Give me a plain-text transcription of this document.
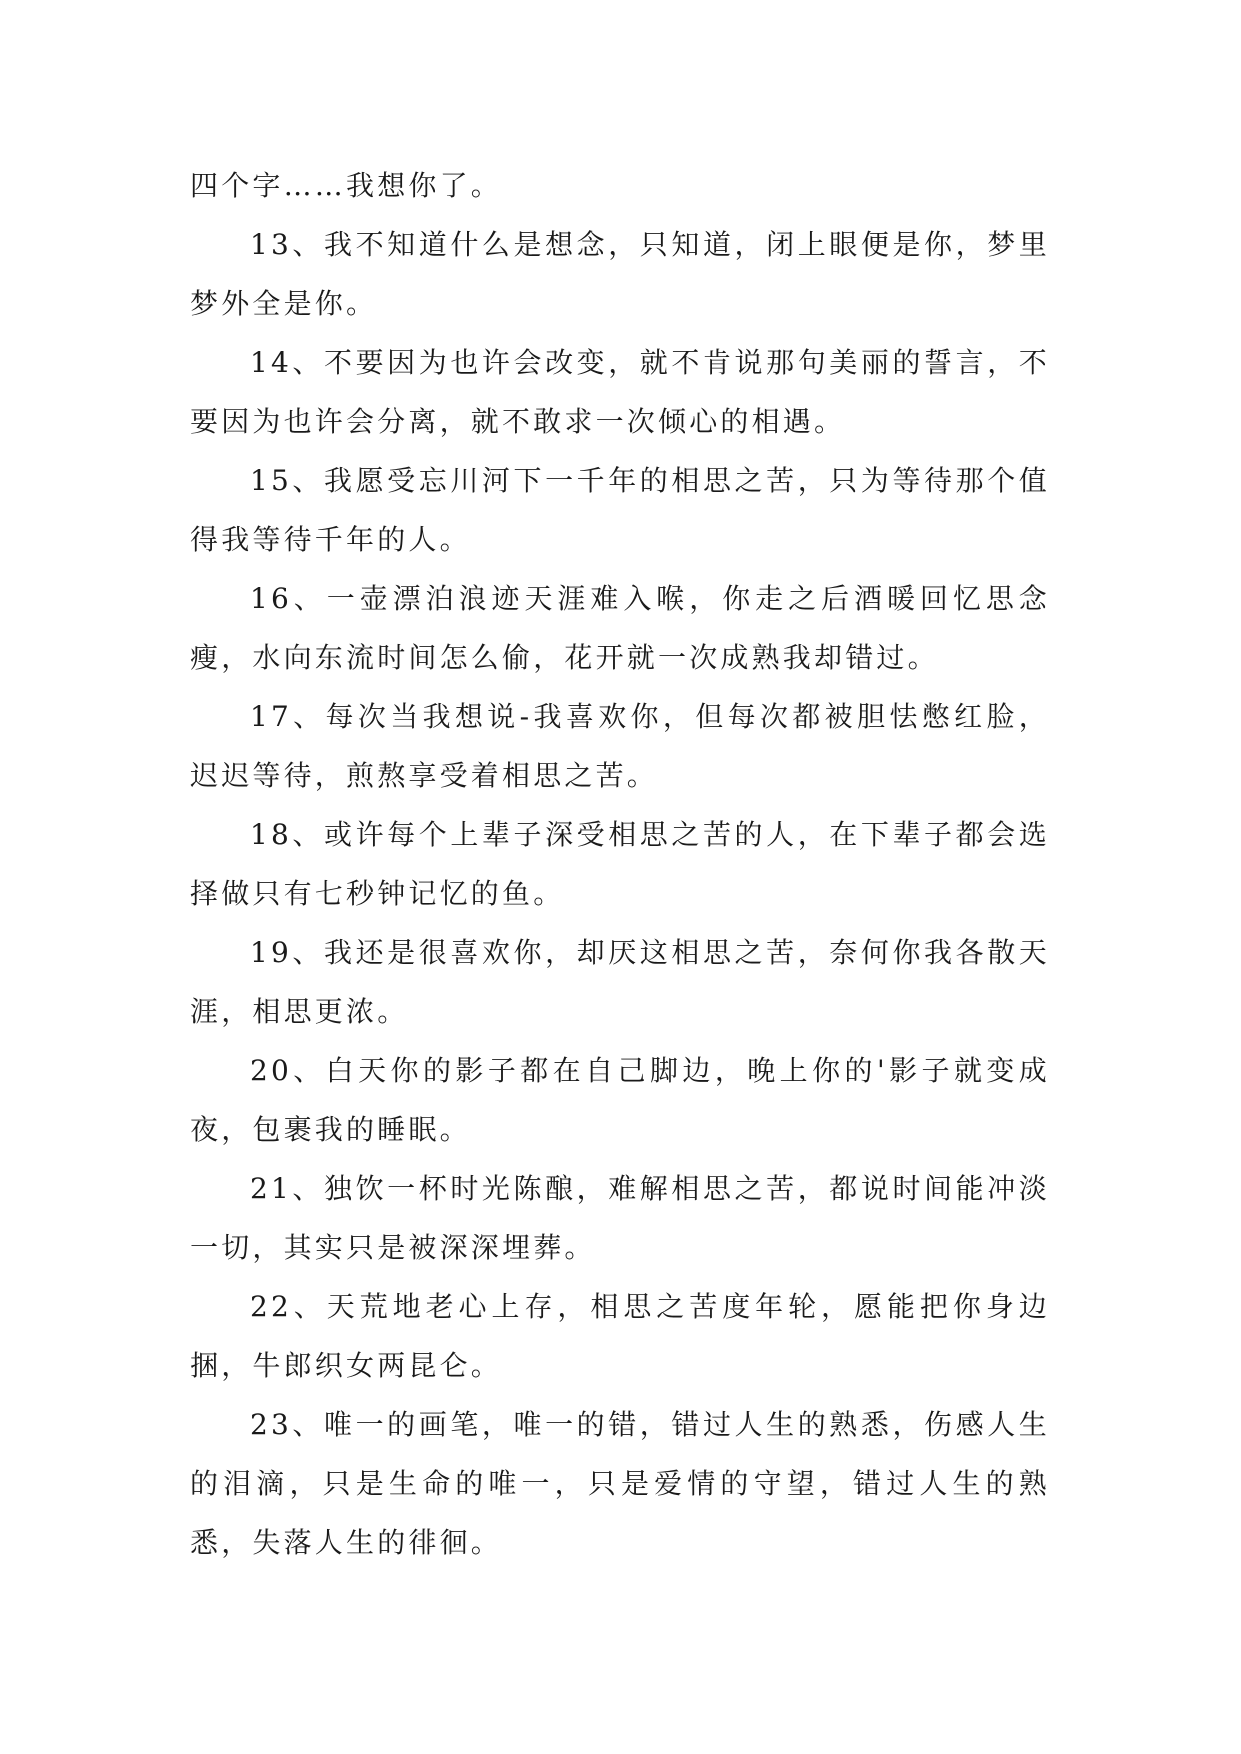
四个字……我想你了。

13、我不知道什么是想念，只知道，闭上眼便是你，梦里梦外全是你。

14、不要因为也许会改变，就不肯说那句美丽的誓言，不要因为也许会分离，就不敢求一次倾心的相遇。

15、我愿受忘川河下一千年的相思之苦，只为等待那个值得我等待千年的人。

16、一壶漂泊浪迹天涯难入喉，你走之后酒暖回忆思念瘦，水向东流时间怎么偷，花开就一次成熟我却错过。

17、每次当我想说-我喜欢你，但每次都被胆怯憋红脸，迟迟等待，煎熬享受着相思之苦。

18、或许每个上辈子深受相思之苦的人，在下辈子都会选择做只有七秒钟记忆的鱼。

19、我还是很喜欢你，却厌这相思之苦，奈何你我各散天涯，相思更浓。

20、白天你的影子都在自己脚边，晚上你的'影子就变成夜，包裹我的睡眠。

21、独饮一杯时光陈酿，难解相思之苦，都说时间能冲淡一切，其实只是被深深埋葬。

22、天荒地老心上存，相思之苦度年轮，愿能把你身边捆，牛郎织女两昆仑。

23、唯一的画笔，唯一的错，错过人生的熟悉，伤感人生的泪滴，只是生命的唯一，只是爱情的守望，错过人生的熟悉，失落人生的徘徊。
